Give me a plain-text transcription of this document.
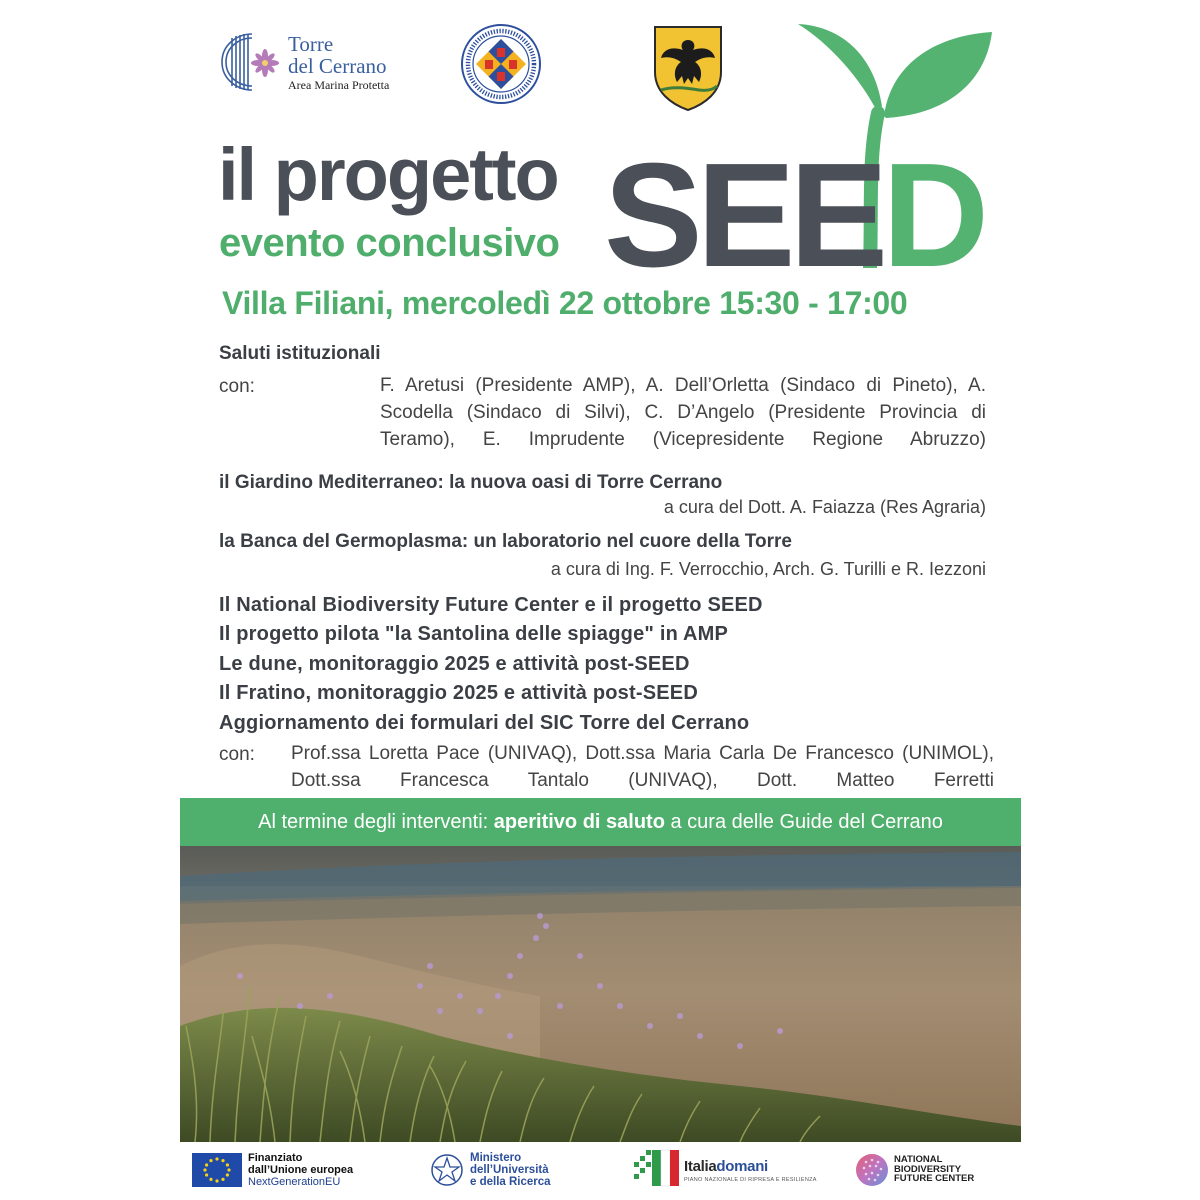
Torre
del Cerrano
Area Marina Protetta
il progetto
evento conclusivo SEED
Villa Filiani, mercoledì 22 ottobre 15:30 - 17:00
Saluti istituzionali
con:	F. Aretusi (Presidente AMP), A. Dell’Orletta (Sindaco di Pineto), A. Scodella (Sindaco di Silvi), C. D’Angelo (Presidente Provincia di Teramo), E. Imprudente (Vicepresidente Regione Abruzzo)
il Giardino Mediterraneo: la nuova oasi di Torre Cerrano
a cura del Dott. A. Faiazza (Res Agraria)
la Banca del Germoplasma: un laboratorio nel cuore della Torre
a cura di Ing. F. Verrocchio, Arch. G. Turilli e R. Iezzoni
Il National Biodiversity Future Center e il progetto SEED
Il progetto pilota "la Santolina delle spiagge" in AMP
Le dune, monitoraggio 2025 e attività post-SEED
Il Fratino, monitoraggio 2025 e attività post-SEED
Aggiornamento dei formulari del SIC Torre del Cerrano
con: Prof.ssa Loretta Pace (UNIVAQ), Dott.ssa Maria Carla De Francesco (UNIMOL), Dott.ssa Francesca Tantalo (UNIVAQ), Dott. Matteo Ferretti
Al termine degli interventi: aperitivo di saluto a cura delle Guide del Cerrano
Finanziato
dall’Unione europea
NextGenerationEU
Ministero
dell’Università
e della Ricerca
Italiadomani
PIANO NAZIONALE DI RIPRESA E RESILIENZA
NATIONAL
BIODIVERSITY
FUTURE CENTER
